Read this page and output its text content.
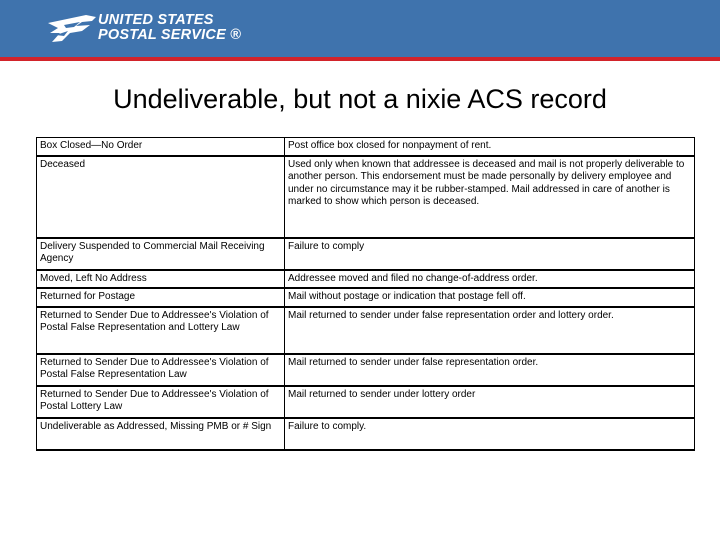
UNITED STATES
POSTAL SERVICE ®
Undeliverable, but not a nixie ACS record
Box Closed—No Order	Post office box closed for nonpayment of rent.
Deceased	Used only when known that addressee is deceased and mail is not properly deliverable to another person. This endorsement must be made personally by delivery employee and under no circumstance may it be rubber-stamped. Mail addressed in care of another is marked to show which person is deceased.
Delivery Suspended to Commercial Mail Receiving Agency	Failure to comply
Moved, Left No Address	Addressee moved and filed no change-of-address order.
Returned for Postage	Mail without postage or indication that postage fell off.
Returned to Sender Due to Addressee's Violation of Postal False Representation and Lottery Law	Mail returned to sender under false representation order and lottery order.
Returned to Sender Due to Addressee's Violation of Postal False Representation Law	Mail returned to sender under false representation order.
Returned to Sender Due to Addressee's Violation of Postal Lottery Law	Mail returned to sender under lottery order
Undeliverable as Addressed, Missing PMB or # Sign	Failure to comply.
